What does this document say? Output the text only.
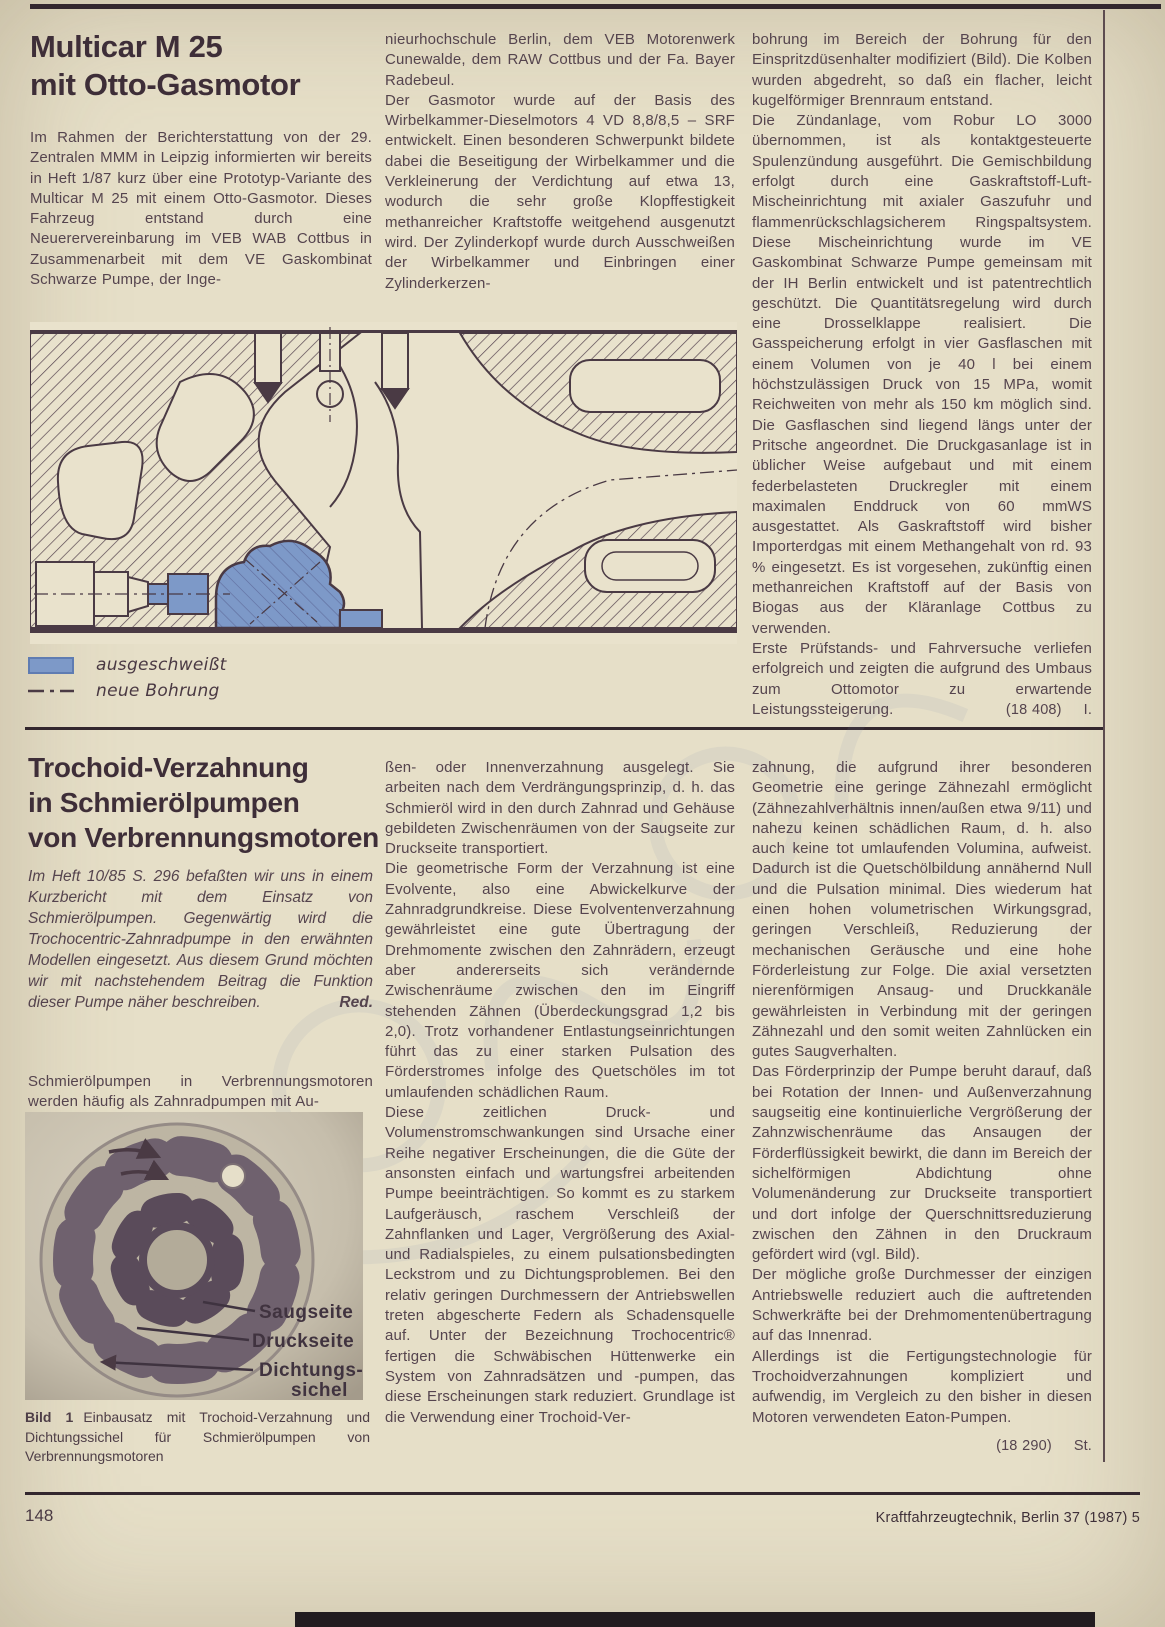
Multicar M 25
mit Otto-Gasmotor

Im Rahmen der Berichterstattung von der 29. Zentralen MMM in Leipzig informierten wir bereits in Heft 1/87 kurz über eine Prototyp-Variante des Multicar M 25 mit einem Otto-Gasmotor. Dieses Fahrzeug entstand durch eine Neuerervereinbarung im VEB WAB Cottbus in Zusammenarbeit mit dem VE Gaskombinat Schwarze Pumpe, der Inge-

nieurhochschule Berlin, dem VEB Motorenwerk Cunewalde, dem RAW Cottbus und der Fa. Bayer Radebeul.

Der Gasmotor wurde auf der Basis des Wirbelkammer-Dieselmotors 4 VD 8,8/8,5 – SRF entwickelt. Einen besonderen Schwerpunkt bildete dabei die Beseitigung der Wirbelkammer und die Verkleinerung der Verdichtung auf etwa 13, wodurch die sehr große Klopffestigkeit methanreicher Kraftstoffe weitgehend ausgenutzt wird. Der Zylinderkopf wurde durch Ausschweißen der Wirbelkammer und Einbringen einer Zylinderkerzen-

bohrung im Bereich der Bohrung für den Einspritzdüsenhalter modifiziert (Bild). Die Kolben wurden abgedreht, so daß ein flacher, leicht kugelförmiger Brennraum entstand.

Die Zündanlage, vom Robur LO 3000 übernommen, ist als kontaktgesteuerte Spulenzündung ausgeführt. Die Gemischbildung erfolgt durch eine Gaskraftstoff-Luft-Mischeinrichtung mit axialer Gaszufuhr und flammenrückschlagsicherem Ringspaltsystem. Diese Mischeinrichtung wurde im VE Gaskombinat Schwarze Pumpe gemeinsam mit der IH Berlin entwickelt und ist patentrechtlich geschützt. Die Quantitätsregelung wird durch eine Drosselklappe realisiert. Die Gasspeicherung erfolgt in vier Gasflaschen mit einem Volumen von je 40 l bei einem höchstzulässigen Druck von 15 MPa, womit Reichweiten von mehr als 150 km möglich sind. Die Gasflaschen sind liegend längs unter der Pritsche angeordnet. Die Druckgasanlage ist in üblicher Weise aufgebaut und mit einem federbelasteten Druckregler mit einem maximalen Enddruck von 60 mmWS ausgestattet. Als Gaskraftstoff wird bisher Importerdgas mit einem Methangehalt von rd. 93 % eingesetzt. Es ist vorgesehen, zukünftig einen methanreichen Kraftstoff auf der Basis von Biogas aus der Kläranlage Cottbus zu verwenden.

Erste Prüfstands- und Fahrversuche verliefen erfolgreich und zeigten die aufgrund des Umbaus zum Ottomotor zu erwartende Leistungssteigerung.	(18 408) I.
ausgeschweißt
neue Bohrung
Trochoid-Verzahnung
in Schmierölpumpen
von Verbrennungsmotoren

Im Heft 10/85 S. 296 befaßten wir uns in einem Kurzbericht mit dem Einsatz von Schmierölpumpen. Gegenwärtig wird die Trochocentric-Zahnradpumpe in den erwähnten Modellen eingesetzt. Aus diesem Grund möchten wir mit nachstehendem Beitrag die Funktion dieser Pumpe näher beschreiben.	Red.

Schmierölpumpen in Verbrennungsmotoren werden häufig als Zahnradpumpen mit Au-

Saugseite
Druckseite
Dichtungs-
sichel
Bild 1 Einbausatz mit Trochoid-Verzahnung und Dichtungssichel für Schmierölpumpen von Verbrennungsmotoren

ßen- oder Innenverzahnung ausgelegt. Sie arbeiten nach dem Verdrängungsprinzip, d. h. das Schmieröl wird in den durch Zahnrad und Gehäuse gebildeten Zwischenräumen von der Saugseite zur Druckseite transportiert.

Die geometrische Form der Verzahnung ist eine Evolvente, also eine Abwickelkurve der Zahnradgrundkreise. Diese Evolventenverzahnung gewährleistet eine gute Übertragung der Drehmomente zwischen den Zahnrädern, erzeugt aber andererseits sich verändernde Zwischenräume zwischen den im Eingriff stehenden Zähnen (Überdeckungsgrad 1,2 bis 2,0). Trotz vorhandener Entlastungseinrichtungen führt das zu einer starken Pulsation des Förderstromes infolge des Quetschöles im tot umlaufenden schädlichen Raum.

Diese zeitlichen Druck- und Volumenstromschwankungen sind Ursache einer Reihe negativer Erscheinungen, die die Güte der ansonsten einfach und wartungsfrei arbeitenden Pumpe beeinträchtigen. So kommt es zu starkem Laufgeräusch, raschem Verschleiß der Zahnflanken und Lager, Vergrößerung des Axial- und Radialspieles, zu einem pulsationsbedingten Leckstrom und zu Dichtungsproblemen. Bei den relativ geringen Durchmessern der Antriebswellen treten abgescherte Federn als Schadensquelle auf. Unter der Bezeichnung Trochocentric® fertigen die Schwäbischen Hüttenwerke ein System von Zahnradsätzen und -pumpen, das diese Erscheinungen stark reduziert. Grundlage ist die Verwendung einer Trochoid-Ver-

zahnung, die aufgrund ihrer besonderen Geometrie eine geringe Zähnezahl ermöglicht (Zähnezahlverhältnis innen/außen etwa 9/11) und nahezu keinen schädlichen Raum, d. h. also auch keine tot umlaufenden Volumina, aufweist. Dadurch ist die Quetschölbildung annähernd Null und die Pulsation minimal. Dies wiederum hat einen hohen volumetrischen Wirkungsgrad, geringen Verschleiß, Reduzierung der mechanischen Geräusche und eine hohe Förderleistung zur Folge. Die axial versetzten nierenförmigen Ansaug- und Druckkanäle gewährleisten in Verbindung mit der geringen Zähnezahl und den somit weiten Zahnlücken ein gutes Saugverhalten.

Das Förderprinzip der Pumpe beruht darauf, daß bei Rotation der Innen- und Außenverzahnung saugseitig eine kontinuierliche Vergrößerung der Zahnzwischenräume das Ansaugen der Förderflüssigkeit bewirkt, die dann im Bereich der sichelförmigen Abdichtung ohne Volumenänderung zur Druckseite transportiert und dort infolge der Querschnittsreduzierung zwischen den Zähnen in den Druckraum gefördert wird (vgl. Bild).

Der mögliche große Durchmesser der einzigen Antriebswelle reduziert auch die auftretenden Schwerkräfte bei der Drehmomentenübertragung auf das Innenrad.

Allerdings ist die Fertigungstechnologie für Trochoidverzahnungen kompliziert und aufwendig, im Vergleich zu den bisher in diesen Motoren verwendeten Eaton-Pumpen.

(18 290) St.
148	Kraftfahrzeugtechnik, Berlin 37 (1987) 5
